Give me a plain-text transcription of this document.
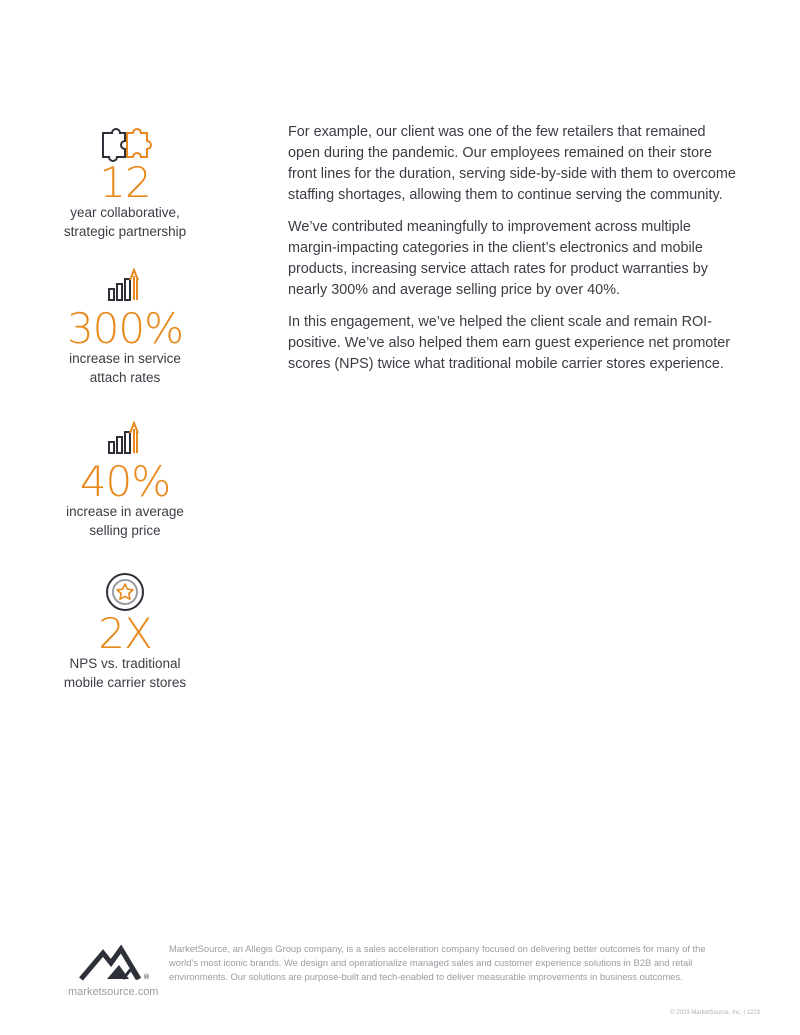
12
year collaborative,
strategic partnership
300%
increase in service
attach rates
40%
increase in average
selling price
2X
NPS vs. traditional
mobile carrier stores

For example, our client was one of the few retailers that remained open during the pandemic. Our employees remained on their store front lines for the duration, serving side-by-side with them to overcome staffing shortages, allowing them to continue serving the community.

We’ve contributed meaningfully to improvement across multiple margin-impacting categories in the client’s electronics and mobile products, increasing service attach rates for product warranties by nearly 300% and average selling price by over 40%.

In this engagement, we’ve helped the client scale and remain ROI-positive. We’ve also helped them earn guest experience net promoter scores (NPS) twice what traditional mobile carrier stores experience.

®
marketsource.com
MarketSource, an Allegis Group company, is a sales acceleration company focused on delivering better outcomes for many of the world’s most iconic brands. We design and operationalize managed sales and customer experience solutions in B2B and retail environments. Our solutions are purpose-built and tech-enabled to deliver measurable improvements in business outcomes.
© 2023 MarketSource, Inc. | 1223
